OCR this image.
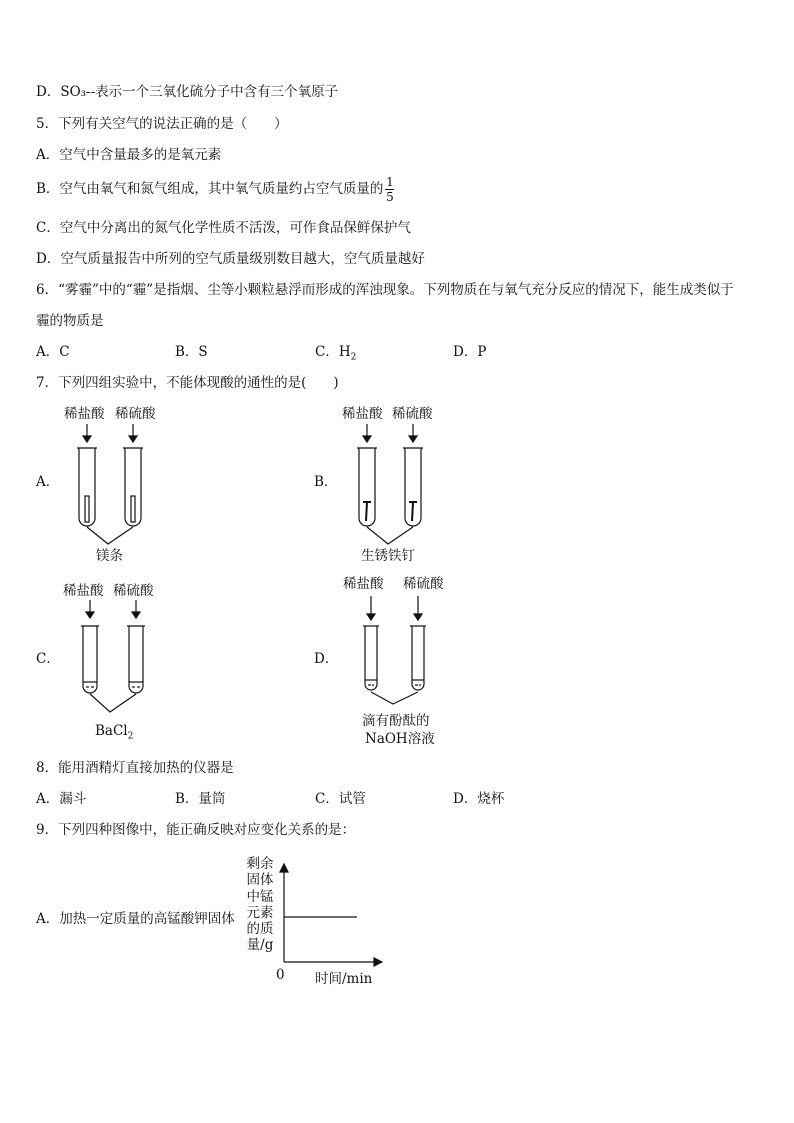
D．SO₃--表示一个三氧化硫分子中含有三个氧原子
5．下列有关空气的说法正确的是（　　）
A．空气中含量最多的是氧元素
B．空气由氧气和氮气组成，其中氧气质量约占空气质量的 $\frac{1}{5}$
C．空气中分离出的氮气化学性质不活泼，可作食品保鲜保护气
D．空气质量报告中所列的空气质量级别数目越大，空气质量越好
6．“雾霾”中的“霾”是指烟、尘等小颗粒悬浮而形成的浑浊现象。下列物质在与氧气充分反应的情况下，能生成类似于
霾的物质是
A．C	B．S	C．$H_2$	D．P
7．下列四组实验中，不能体现酸的通性的是(　　)
A．
稀盐酸 稀硫酸
镁条
B．
稀盐酸 稀硫酸
生锈铁钉
C．
稀盐酸 稀硫酸
BaCl$_2$
D．
稀盐酸 稀硫酸
滴有酚酞的
NaOH溶液
8．能用酒精灯直接加热的仪器是
A．漏斗	B．量筒	C．试管	D．烧杯
9．下列四种图像中，能正确反映对应变化关系的是：
A．加热一定质量的高锰酸钾固体
剩余
固体
中锰
元素
的质
量/g
0 时间/min
